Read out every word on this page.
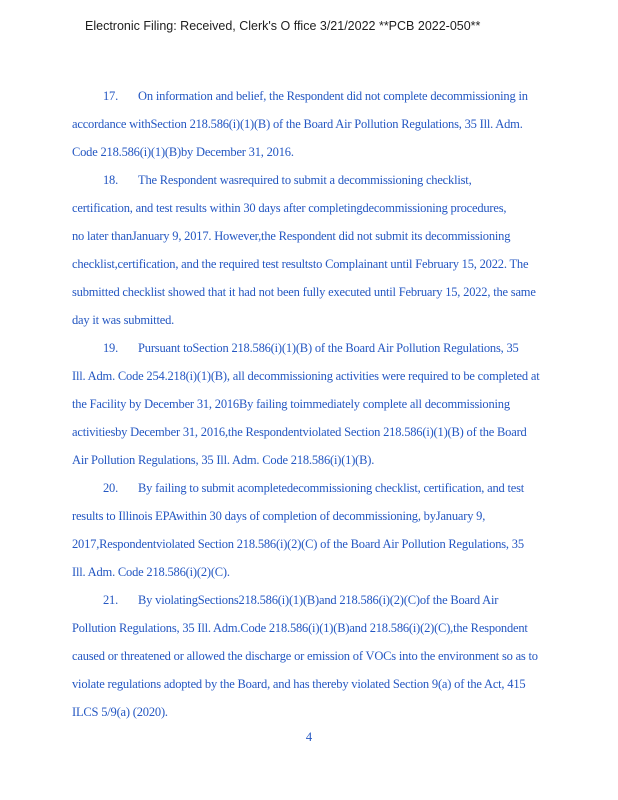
Electronic Filing: Received, Clerk's O ffice 3/21/2022 **PCB 2022-050**
17. On information and belief, the Respondent did not complete decommissioning in
accordance withSection 218.586(i)(1)(B) of the Board Air Pollution Regulations, 35 Ill. Adm.
Code 218.586(i)(1)(B)by December 31, 2016.
18. The Respondent wasrequired to submit a decommissioning checklist,
certification, and test results within 30 days after completingdecommissioning procedures,
no later thanJanuary 9, 2017. However,the Respondent did not submit its decommissioning
checklist,certification, and the required test resultsto Complainant until February 15, 2022. The
submitted checklist showed that it had not been fully executed until February 15, 2022, the same
day it was submitted.
19. Pursuant toSection 218.586(i)(1)(B) of the Board Air Pollution Regulations, 35
Ill. Adm. Code 254.218(i)(1)(B), all decommissioning activities were required to be completed at
the Facility by December 31, 2016By failing toimmediately complete all decommissioning
activitiesby December 31, 2016,the Respondentviolated Section 218.586(i)(1)(B) of the Board
Air Pollution Regulations, 35 Ill. Adm. Code 218.586(i)(1)(B).
20. By failing to submit acompletedecommissioning checklist, certification, and test
results to Illinois EPAwithin 30 days of completion of decommissioning, byJanuary 9,
2017,Respondentviolated Section 218.586(i)(2)(C) of the Board Air Pollution Regulations, 35
Ill. Adm. Code 218.586(i)(2)(C).
21. By violatingSections218.586(i)(1)(B)and 218.586(i)(2)(C)of the Board Air
Pollution Regulations, 35 Ill. Adm.Code 218.586(i)(1)(B)and 218.586(i)(2)(C),the Respondent
caused or threatened or allowed the discharge or emission of VOCs into the environment so as to
violate regulations adopted by the Board, and has thereby violated Section 9(a) of the Act, 415
ILCS 5/9(a) (2020).
4
